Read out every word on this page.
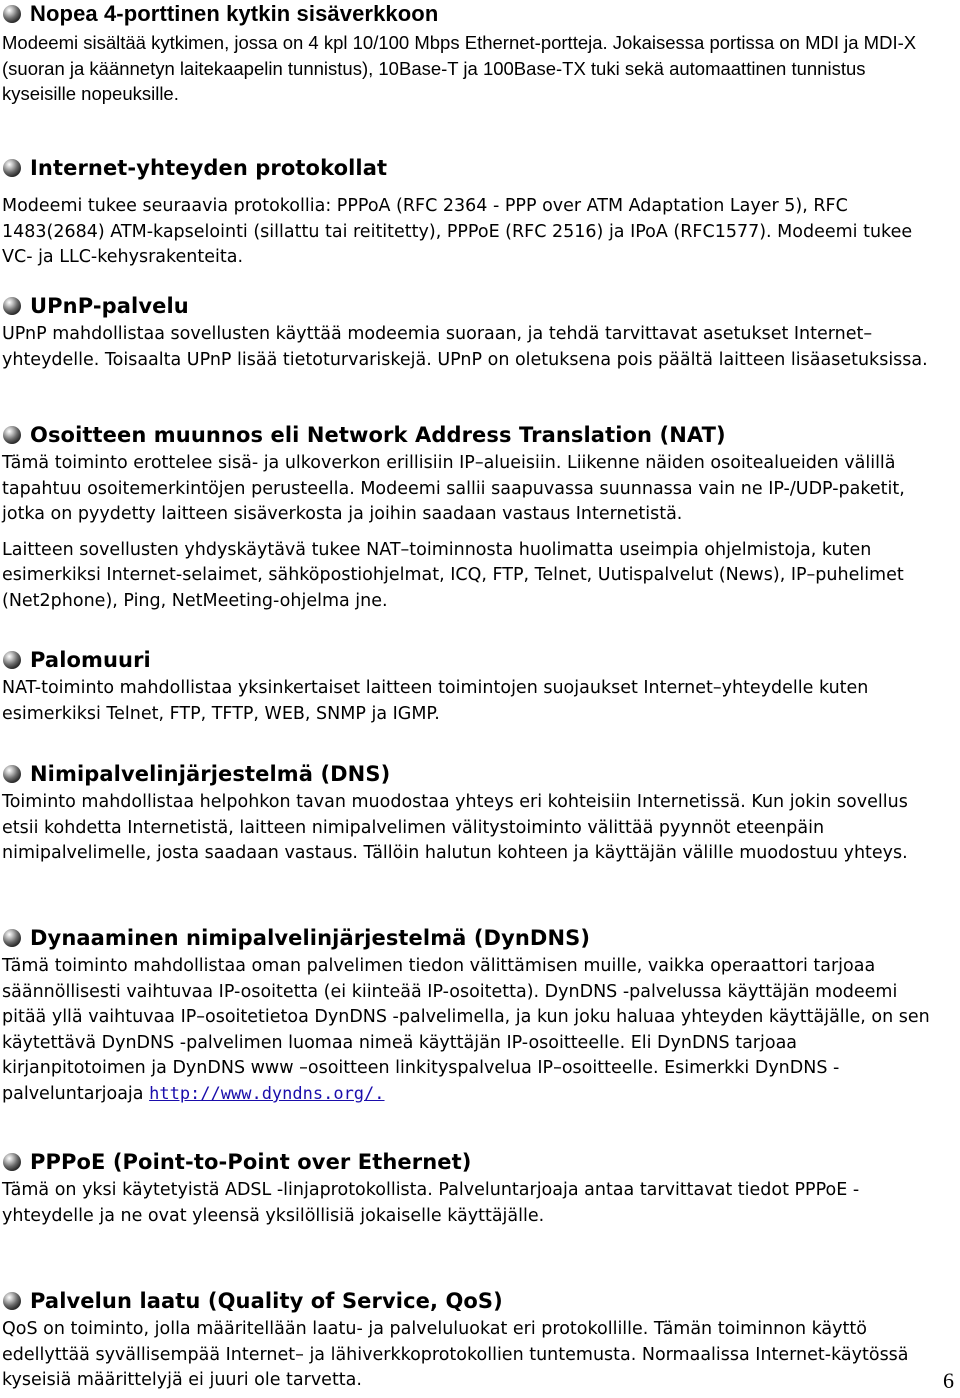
Nopea 4-porttinen kytkin sisäverkkoon

Modeemi sisältää kytkimen, jossa on 4 kpl 10/100 Mbps Ethernet-portteja. Jokaisessa portissa on MDI ja MDI-X (suoran ja käännetyn laitekaapelin tunnistus), 10Base-T ja 100Base-TX tuki sekä automaattinen tunnistus kyseisille nopeuksille.

Internet-yhteyden protokollat

Modeemi tukee seuraavia protokollia: PPPoA (RFC 2364 - PPP over ATM Adaptation Layer 5), RFC 1483(2684) ATM-kapselointi (sillattu tai reititetty), PPPoE (RFC 2516) ja IPoA (RFC1577). Modeemi tukee VC- ja LLC-kehysrakenteita.

UPnP-palvelu

UPnP mahdollistaa sovellusten käyttää modeemia suoraan, ja tehdä tarvittavat asetukset Internet–yhteydelle. Toisaalta UPnP lisää tietoturvariskejä. UPnP on oletuksena pois päältä laitteen lisäasetuksissa.

Osoitteen muunnos eli Network Address Translation (NAT)

Tämä toiminto erottelee sisä- ja ulkoverkon erillisiin IP–alueisiin. Liikenne näiden osoitealueiden välillä tapahtuu osoitemerkintöjen perusteella. Modeemi sallii saapuvassa suunnassa vain ne IP-/UDP-paketit, jotka on pyydetty laitteen sisäverkosta ja joihin saadaan vastaus Internetistä.

Laitteen sovellusten yhdyskäytävä tukee NAT–toiminnosta huolimatta useimpia ohjelmistoja, kuten esimerkiksi Internet-selaimet, sähköpostiohjelmat, ICQ, FTP, Telnet, Uutispalvelut (News), IP–puhelimet (Net2phone), Ping, NetMeeting-ohjelma jne.

Palomuuri

NAT-toiminto mahdollistaa yksinkertaiset laitteen toimintojen suojaukset Internet–yhteydelle kuten esimerkiksi Telnet, FTP, TFTP, WEB, SNMP ja IGMP.

Nimipalvelinjärjestelmä (DNS)

Toiminto mahdollistaa helpohkon tavan muodostaa yhteys eri kohteisiin Internetissä. Kun jokin sovellus etsii kohdetta Internetistä, laitteen nimipalvelimen välitystoiminto välittää pyynnöt eteenpäin nimipalvelimelle, josta saadaan vastaus. Tällöin halutun kohteen ja käyttäjän välille muodostuu yhteys.

Dynaaminen nimipalvelinjärjestelmä (DynDNS)

Tämä toiminto mahdollistaa oman palvelimen tiedon välittämisen muille, vaikka operaattori tarjoaa säännöllisesti vaihtuvaa IP-osoitetta (ei kiinteää IP-osoitetta). DynDNS -palvelussa käyttäjän modeemi pitää yllä vaihtuvaa IP–osoitetietoa DynDNS -palvelimella, ja kun joku haluaa yhteyden käyttäjälle, on sen käytettävä DynDNS -palvelimen luomaa nimeä käyttäjän IP-osoitteelle. Eli DynDNS tarjoaa kirjanpitotoimen ja DynDNS www –osoitteen linkityspalvelua IP–osoitteelle. Esimerkki DynDNS -palveluntarjoaja http://www.dyndns.org/.

PPPoE (Point-to-Point over Ethernet)

Tämä on yksi käytetyistä ADSL -linjaprotokollista. Palveluntarjoaja antaa tarvittavat tiedot PPPoE -yhteydelle ja ne ovat yleensä yksilöllisiä jokaiselle käyttäjälle.

Palvelun laatu (Quality of Service, QoS)

QoS on toiminto, jolla määritellään laatu- ja palveluluokat eri protokollille. Tämän toiminnon käyttö edellyttää syvällisempää Internet– ja lähiverkkoprotokollien tuntemusta. Normaalissa Internet-käytössä kyseisiä määrittelyjä ei juuri ole tarvetta.	6
